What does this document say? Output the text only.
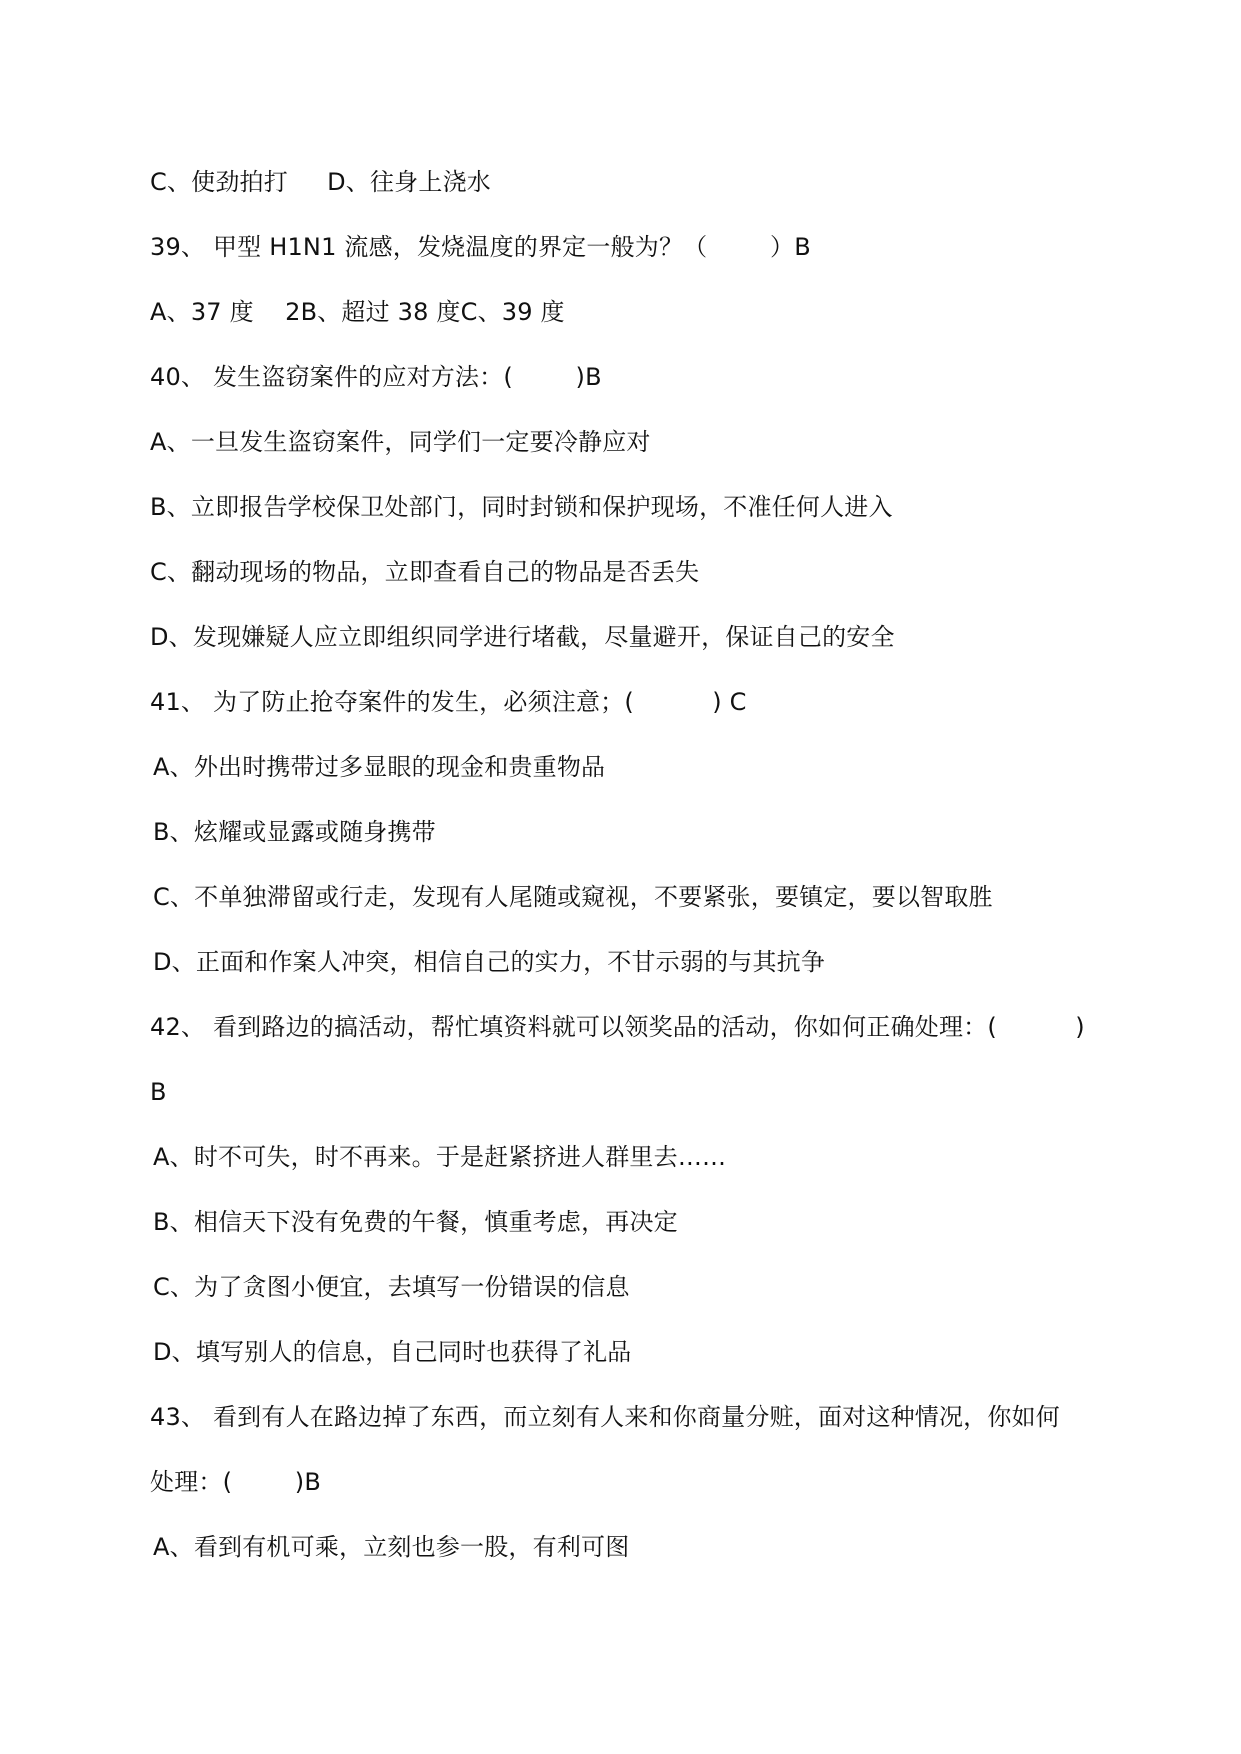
C、使劲拍打     D、往身上浇水
39、 甲型 H1N1 流感，发烧温度的界定一般为？（        ）B
A、37 度    2B、超过 38 度C、39 度
40、 发生盗窃案件的应对方法：(        )B
A、一旦发生盗窃案件，同学们一定要冷静应对
B、立即报告学校保卫处部门，同时封锁和保护现场，不准任何人进入
C、翻动现场的物品，立即查看自己的物品是否丢失
D、发现嫌疑人应立即组织同学进行堵截，尽量避开，保证自己的安全
41、 为了防止抢夺案件的发生，必须注意；(          ) C
A、外出时携带过多显眼的现金和贵重物品
B、炫耀或显露或随身携带
C、不单独滞留或行走，发现有人尾随或窥视，不要紧张，要镇定，要以智取胜
D、正面和作案人冲突，相信自己的实力，不甘示弱的与其抗争
42、 看到路边的搞活动，帮忙填资料就可以领奖品的活动，你如何正确处理：(          )
B
A、时不可失，时不再来。于是赶紧挤进人群里去……
B、相信天下没有免费的午餐，慎重考虑，再决定
C、为了贪图小便宜，去填写一份错误的信息
D、填写别人的信息，自己同时也获得了礼品
43、 看到有人在路边掉了东西，而立刻有人来和你商量分赃，面对这种情况，你如何
处理：(        )B
A、看到有机可乘，立刻也参一股，有利可图
